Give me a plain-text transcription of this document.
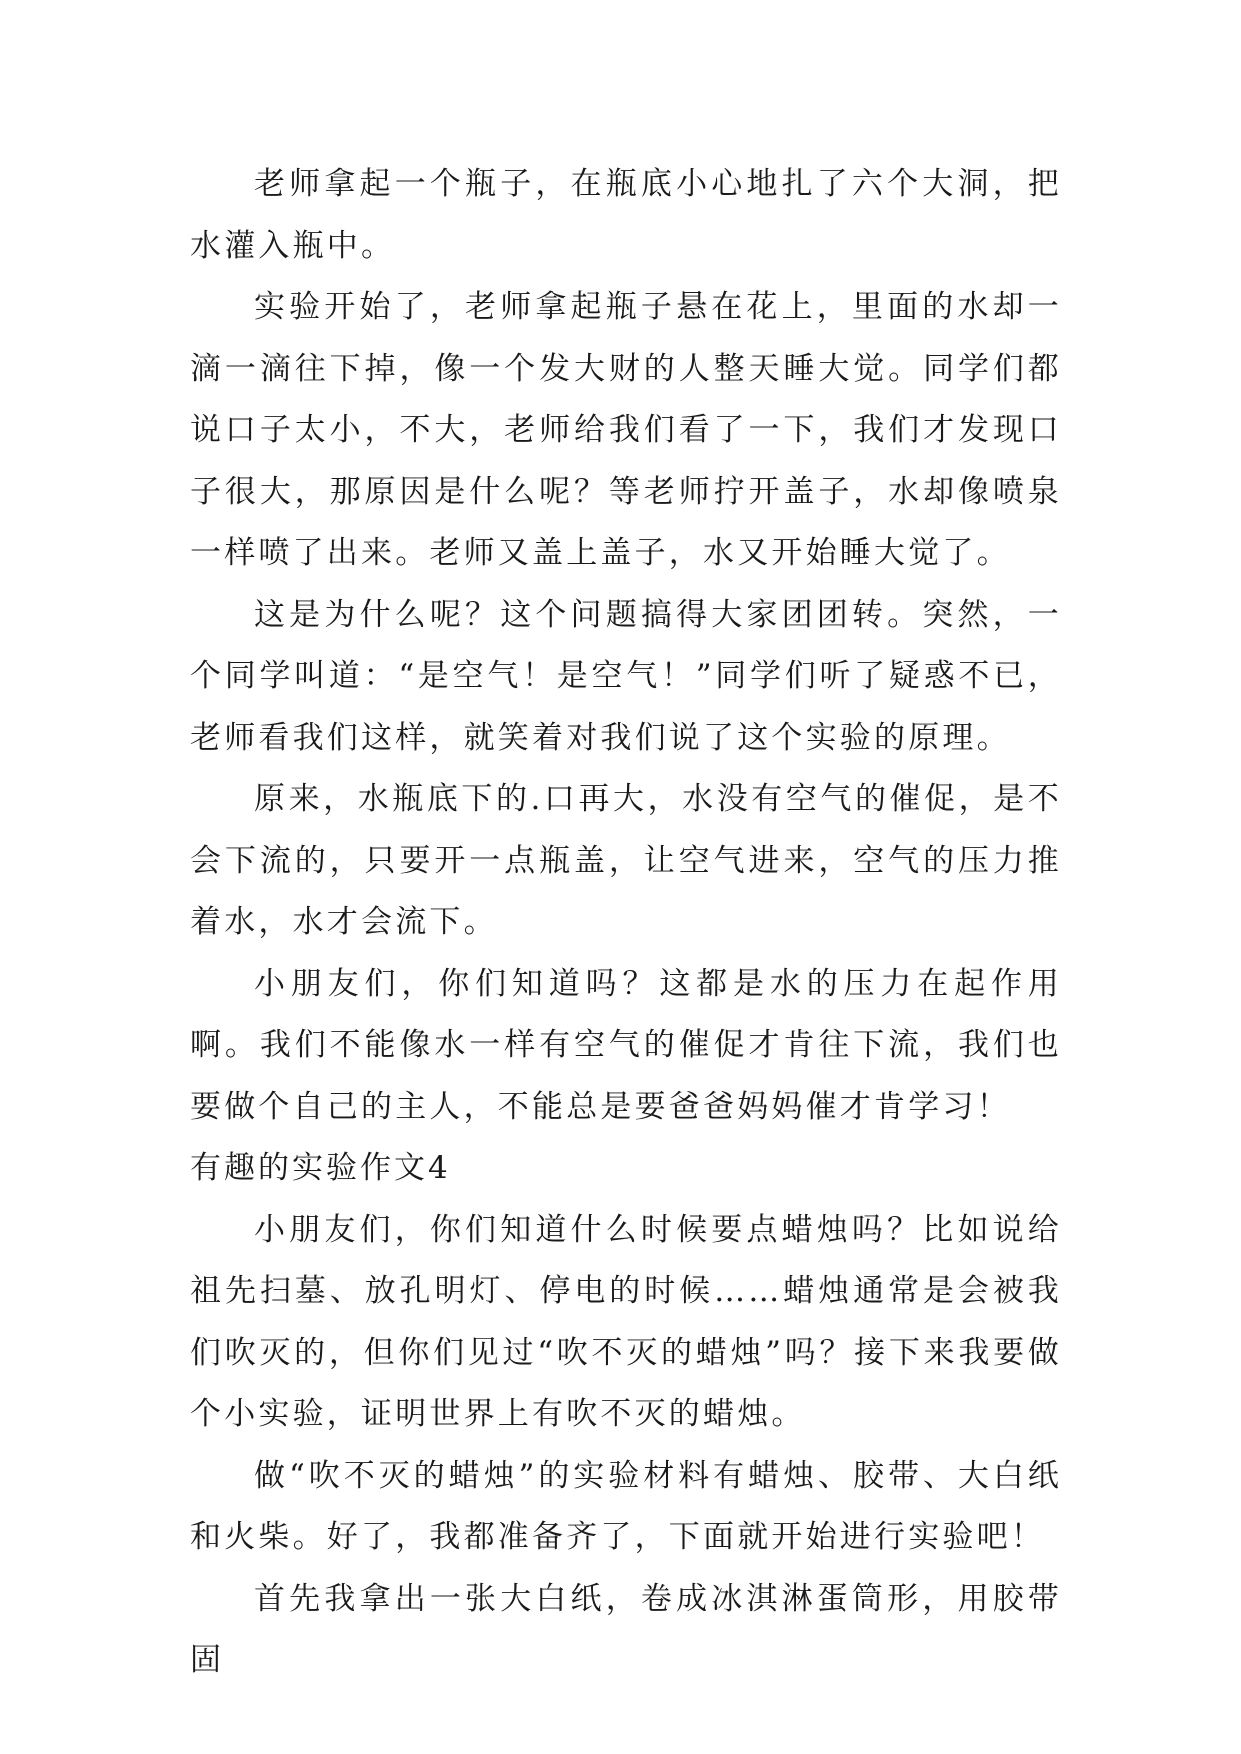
老师拿起一个瓶子，在瓶底小心地扎了六个大洞，把水灌入瓶中。

实验开始了，老师拿起瓶子悬在花上，里面的水却一滴一滴往下掉，像一个发大财的人整天睡大觉。同学们都说口子太小，不大，老师给我们看了一下，我们才发现口子很大，那原因是什么呢？等老师拧开盖子，水却像喷泉一样喷了出来。老师又盖上盖子，水又开始睡大觉了。

这是为什么呢？这个问题搞得大家团团转。突然，一个同学叫道：“是空气！是空气！”同学们听了疑惑不已，老师看我们这样，就笑着对我们说了这个实验的原理。

原来，水瓶底下的.口再大，水没有空气的催促，是不会下流的，只要开一点瓶盖，让空气进来，空气的压力推着水，水才会流下。

小朋友们，你们知道吗？这都是水的压力在起作用啊。我们不能像水一样有空气的催促才肯往下流，我们也要做个自己的主人，不能总是要爸爸妈妈催才肯学习！

有趣的实验作文4

小朋友们，你们知道什么时候要点蜡烛吗？比如说给祖先扫墓、放孔明灯、停电的时候……蜡烛通常是会被我们吹灭的，但你们见过“吹不灭的蜡烛”吗？接下来我要做个小实验，证明世界上有吹不灭的蜡烛。

做“吹不灭的蜡烛”的实验材料有蜡烛、胶带、大白纸和火柴。好了，我都准备齐了，下面就开始进行实验吧！

首先我拿出一张大白纸，卷成冰淇淋蛋筒形，用胶带固
